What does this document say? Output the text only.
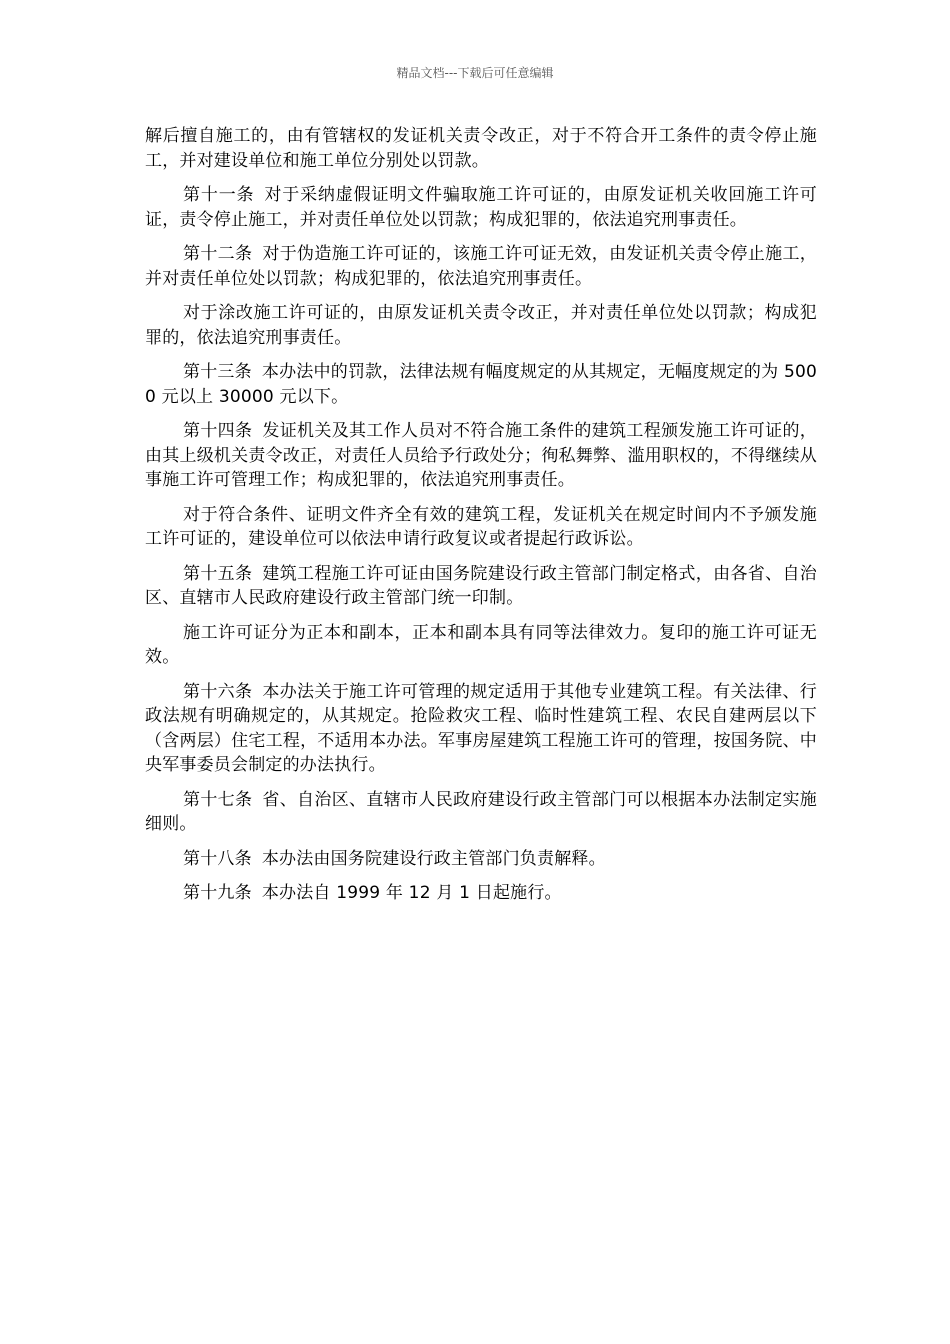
精品文档---下载后可任意编辑

解后擅自施工的，由有管辖权的发证机关责令改正，对于不符合开工条件的责令停止施工，并对建设单位和施工单位分别处以罚款。

第十一条 对于采纳虚假证明文件骗取施工许可证的，由原发证机关收回施工许可证，责令停止施工，并对责任单位处以罚款；构成犯罪的，依法追究刑事责任。

第十二条 对于伪造施工许可证的，该施工许可证无效，由发证机关责令停止施工，并对责任单位处以罚款；构成犯罪的，依法追究刑事责任。

对于涂改施工许可证的，由原发证机关责令改正，并对责任单位处以罚款；构成犯罪的，依法追究刑事责任。

第十三条 本办法中的罚款，法律法规有幅度规定的从其规定，无幅度规定的为 5000 元以上 30000 元以下。

第十四条 发证机关及其工作人员对不符合施工条件的建筑工程颁发施工许可证的，由其上级机关责令改正，对责任人员给予行政处分；徇私舞弊、滥用职权的，不得继续从事施工许可管理工作；构成犯罪的，依法追究刑事责任。

对于符合条件、证明文件齐全有效的建筑工程，发证机关在规定时间内不予颁发施工许可证的，建设单位可以依法申请行政复议或者提起行政诉讼。

第十五条 建筑工程施工许可证由国务院建设行政主管部门制定格式，由各省、自治区、直辖市人民政府建设行政主管部门统一印制。

施工许可证分为正本和副本，正本和副本具有同等法律效力。复印的施工许可证无效。

第十六条 本办法关于施工许可管理的规定适用于其他专业建筑工程。有关法律、行政法规有明确规定的，从其规定。抢险救灾工程、临时性建筑工程、农民自建两层以下（含两层）住宅工程，不适用本办法。军事房屋建筑工程施工许可的管理，按国务院、中央军事委员会制定的办法执行。

第十七条 省、自治区、直辖市人民政府建设行政主管部门可以根据本办法制定实施细则。

第十八条 本办法由国务院建设行政主管部门负责解释。

第十九条 本办法自 1999 年 12 月 1 日起施行。
